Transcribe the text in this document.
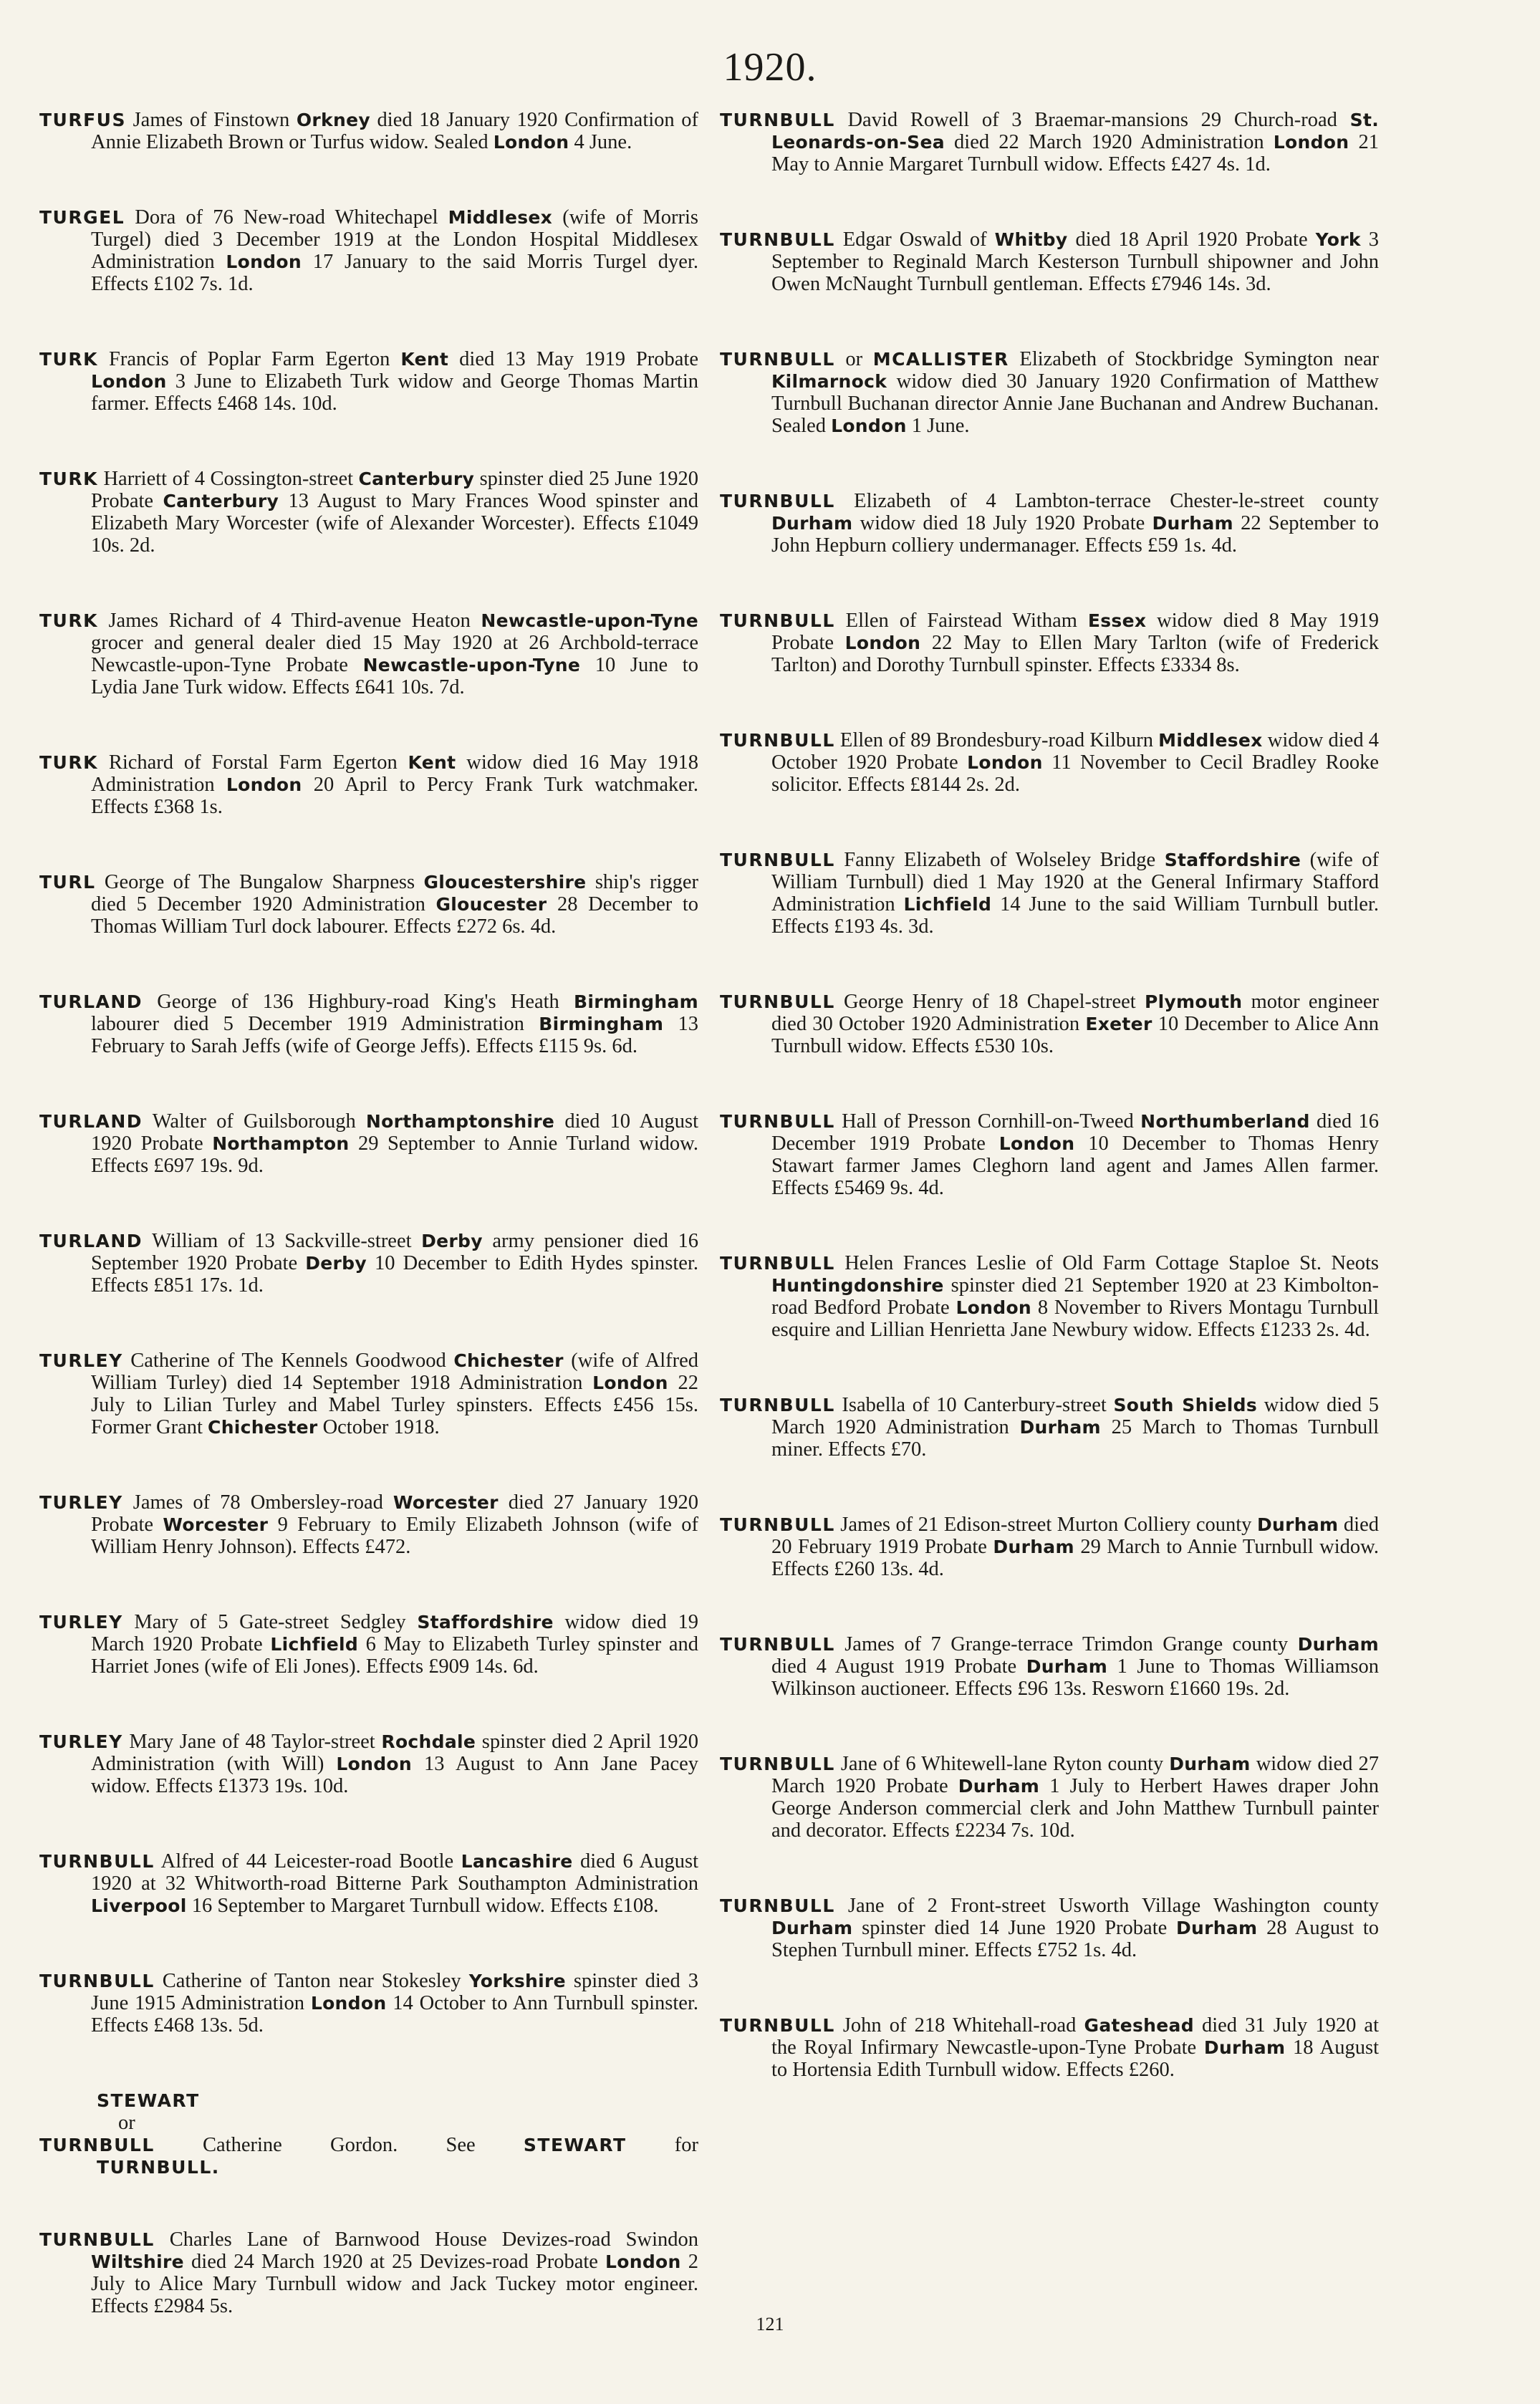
1920.
TURFUS James of Finstown Orkney died 18 January 1920 Confirmation of Annie Elizabeth Brown or Turfus widow. Sealed London 4 June.
TURGEL Dora of 76 New-road Whitechapel Middlesex (wife of Morris Turgel) died 3 December 1919 at the London Hospital Middlesex Administration London 17 January to the said Morris Turgel dyer. Effects £102 7s. 1d.
TURK Francis of Poplar Farm Egerton Kent died 13 May 1919 Probate London 3 June to Elizabeth Turk widow and George Thomas Martin farmer. Effects £468 14s. 10d.
TURK Harriett of 4 Cossington-street Canterbury spinster died 25 June 1920 Probate Canterbury 13 August to Mary Frances Wood spinster and Elizabeth Mary Worcester (wife of Alexander Worcester). Effects £1049 10s. 2d.
TURK James Richard of 4 Third-avenue Heaton Newcastle-upon-Tyne grocer and general dealer died 15 May 1920 at 26 Archbold-terrace Newcastle-upon-Tyne Probate Newcastle-upon-Tyne 10 June to Lydia Jane Turk widow. Effects £641 10s. 7d.
TURK Richard of Forstal Farm Egerton Kent widow died 16 May 1918 Administration London 20 April to Percy Frank Turk watchmaker. Effects £368 1s.
TURL George of The Bungalow Sharpness Gloucestershire ship's rigger died 5 December 1920 Administration Gloucester 28 December to Thomas William Turl dock labourer. Effects £272 6s. 4d.
TURLAND George of 136 Highbury-road King's Heath Birmingham labourer died 5 December 1919 Administration Birmingham 13 February to Sarah Jeffs (wife of George Jeffs). Effects £115 9s. 6d.
TURLAND Walter of Guilsborough Northamptonshire died 10 August 1920 Probate Northampton 29 September to Annie Turland widow. Effects £697 19s. 9d.
TURLAND William of 13 Sackville-street Derby army pensioner died 16 September 1920 Probate Derby 10 December to Edith Hydes spinster. Effects £851 17s. 1d.
TURLEY Catherine of The Kennels Goodwood Chichester (wife of Alfred William Turley) died 14 September 1918 Administration London 22 July to Lilian Turley and Mabel Turley spinsters. Effects £456 15s. Former Grant Chichester October 1918.
TURLEY James of 78 Ombersley-road Worcester died 27 January 1920 Probate Worcester 9 February to Emily Elizabeth Johnson (wife of William Henry Johnson). Effects £472.
TURLEY Mary of 5 Gate-street Sedgley Staffordshire widow died 19 March 1920 Probate Lichfield 6 May to Elizabeth Turley spinster and Harriet Jones (wife of Eli Jones). Effects £909 14s. 6d.
TURLEY Mary Jane of 48 Taylor-street Rochdale spinster died 2 April 1920 Administration (with Will) London 13 August to Ann Jane Pacey widow. Effects £1373 19s. 10d.
TURNBULL Alfred of 44 Leicester-road Bootle Lancashire died 6 August 1920 at 32 Whitworth-road Bitterne Park Southampton Administration Liverpool 16 September to Margaret Turnbull widow. Effects £108.
TURNBULL Catherine of Tanton near Stokesley Yorkshire spinster died 3 June 1915 Administration London 14 October to Ann Turnbull spinster. Effects £468 13s. 5d.
STEWART
or
TURNBULL Catherine Gordon. See	STEWART for
TURNBULL.
TURNBULL Charles Lane of Barnwood House Devizes-road Swindon Wiltshire died 24 March 1920 at 25 Devizes-road Probate London 2 July to Alice Mary Turnbull widow and Jack Tuckey motor engineer. Effects £2984 5s.
TURNBULL David Rowell of 3 Braemar-mansions 29 Church-road St. Leonards-on-Sea died 22 March 1920 Administration London 21 May to Annie Margaret Turnbull widow. Effects £427 4s. 1d.
TURNBULL Edgar Oswald of Whitby died 18 April 1920 Probate York 3 September to Reginald March Kesterson Turnbull shipowner and John Owen McNaught Turnbull gentleman. Effects £7946 14s. 3d.
TURNBULL or MCALLISTER Elizabeth of Stockbridge Symington near Kilmarnock widow died 30 January 1920 Confirmation of Matthew Turnbull Buchanan director Annie Jane Buchanan and Andrew Buchanan. Sealed London 1 June.
TURNBULL Elizabeth of 4 Lambton-terrace Chester-le-street county Durham widow died 18 July 1920 Probate Durham 22 September to John Hepburn colliery undermanager. Effects £59 1s. 4d.
TURNBULL Ellen of Fairstead Witham Essex widow died 8 May 1919 Probate London 22 May to Ellen Mary Tarlton (wife of Frederick Tarlton) and Dorothy Turnbull spinster. Effects £3334 8s.
TURNBULL Ellen of 89 Brondesbury-road Kilburn Middlesex widow died 4 October 1920 Probate London 11 November to Cecil Bradley Rooke solicitor. Effects £8144 2s. 2d.
TURNBULL Fanny Elizabeth of Wolseley Bridge Staffordshire (wife of William Turnbull) died 1 May 1920 at the General Infirmary Stafford Administration Lichfield 14 June to the said William Turnbull butler. Effects £193 4s. 3d.
TURNBULL George Henry of 18 Chapel-street Plymouth motor engineer died 30 October 1920 Administration Exeter 10 December to Alice Ann Turnbull widow. Effects £530 10s.
TURNBULL Hall of Presson Cornhill-on-Tweed Northumberland died 16 December 1919 Probate London 10 December to Thomas Henry Stawart farmer James Cleghorn land agent and James Allen farmer. Effects £5469 9s. 4d.
TURNBULL Helen Frances Leslie of Old Farm Cottage Staploe St. Neots Huntingdonshire spinster died 21 September 1920 at 23 Kimbolton-road Bedford Probate London 8 November to Rivers Montagu Turnbull esquire and Lillian Henrietta Jane Newbury widow. Effects £1233 2s. 4d.
TURNBULL Isabella of 10 Canterbury-street South Shields widow died 5 March 1920 Administration Durham 25 March to Thomas Turnbull miner. Effects £70.
TURNBULL James of 21 Edison-street Murton Colliery county Durham died 20 February 1919 Probate Durham 29 March to Annie Turnbull widow. Effects £260 13s. 4d.
TURNBULL James of 7 Grange-terrace Trimdon Grange county Durham died 4 August 1919 Probate Durham 1 June to Thomas Williamson Wilkinson auctioneer. Effects £96 13s. Resworn £1660 19s. 2d.
TURNBULL Jane of 6 Whitewell-lane Ryton county Durham widow died 27 March 1920 Probate Durham 1 July to Herbert Hawes draper John George Anderson commercial clerk and John Matthew Turnbull painter and decorator. Effects £2234 7s. 10d.
TURNBULL Jane of 2 Front-street Usworth Village Washington county Durham spinster died 14 June 1920 Probate Durham 28 August to Stephen Turnbull miner. Effects £752 1s. 4d.
TURNBULL John of 218 Whitehall-road Gateshead died 31 July 1920 at the Royal Infirmary Newcastle-upon-Tyne Probate Durham 18 August to Hortensia Edith Turnbull widow. Effects £260.
121
